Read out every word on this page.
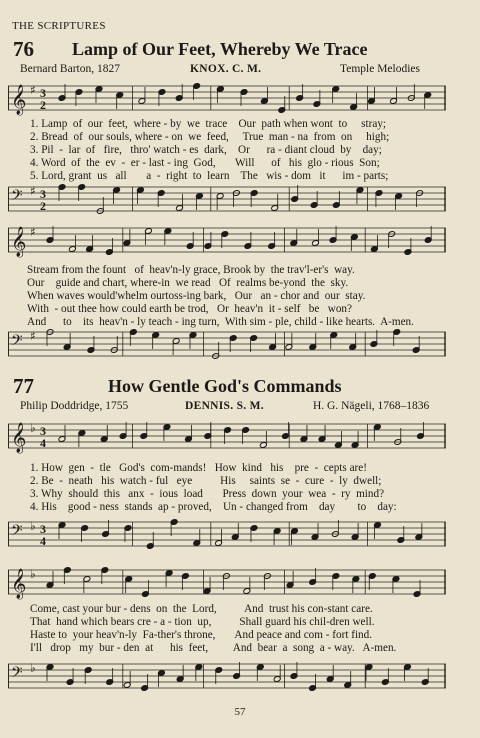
THE SCRIPTURES
76 Lamp of Our Feet, Whereby We Trace
Bernard Barton, 1827	KNOX. C. M.	Temple Melodies
𝄞 ♯ 3
2
1. Lamp  of  our  feet,  where - by  we  trace    Our  path when wont  to     stray;
2. Bread  of  our souls, where - on  we  feed,     True  man - na  from  on     high;
3. Pil  -  lar  of   fire,   thro' watch - es  dark,    Or      ra - diant cloud  by    day;
4. Word  of  the  ev  -  er - last - ing  God,       Will      of   his  glo - rious  Son;
5. Lord, grant  us   all       a  -  right  to  learn    The   wis - dom   it      im - parts;
𝄢 ♯ 3
2
𝄞 ♯
Stream from the fount   of  heav'n-ly grace, Brook by  the trav'l-er's  way.
Our    guide and chart, where-in  we read   Of  realms be-yond  the  sky.
When waves would'whelm ourtoss-ing bark,   Our   an - chor and  our  stay.
With  - out thee how could earth be trod,   Or  heav'n  it - self   be   won?
And      to    its  heav'n - ly teach - ing turn,  With sim - ple, child - like hearts.  A-men.
𝄢 ♯
77	How Gentle God's Commands
Philip Doddridge, 1755	DENNIS. S. M.	H. G. Nägeli, 1768–1836
𝄞 ♭ 3
4
1. How  gen  -  tle   God's  com-mands!   How  kind   his    pre  -  cepts are!
2. Be  -  neath   his  watch - ful   eye          His     saints  se  -  cure  -  ly  dwell;
3. Why  should  this   anx  -  ious  load       Press  down  your  wea  -  ry  mind?
4. His    good - ness  stands  ap - proved,    Un - changed from    day        to    day:
𝄢 ♭ 3
4
𝄞 ♭
Come, cast your bur - dens  on  the  Lord,          And  trust his con-stant care.
That  hand which bears cre - a - tion  up,          Shall guard his chil-dren well.
Haste to  your heav'n-ly  Fa-ther's throne,       And peace and com - fort find.
I'll   drop   my  bur - den  at      his  feet,         And  bear  a  song  a - way.   A-men.
𝄢 ♭
57
